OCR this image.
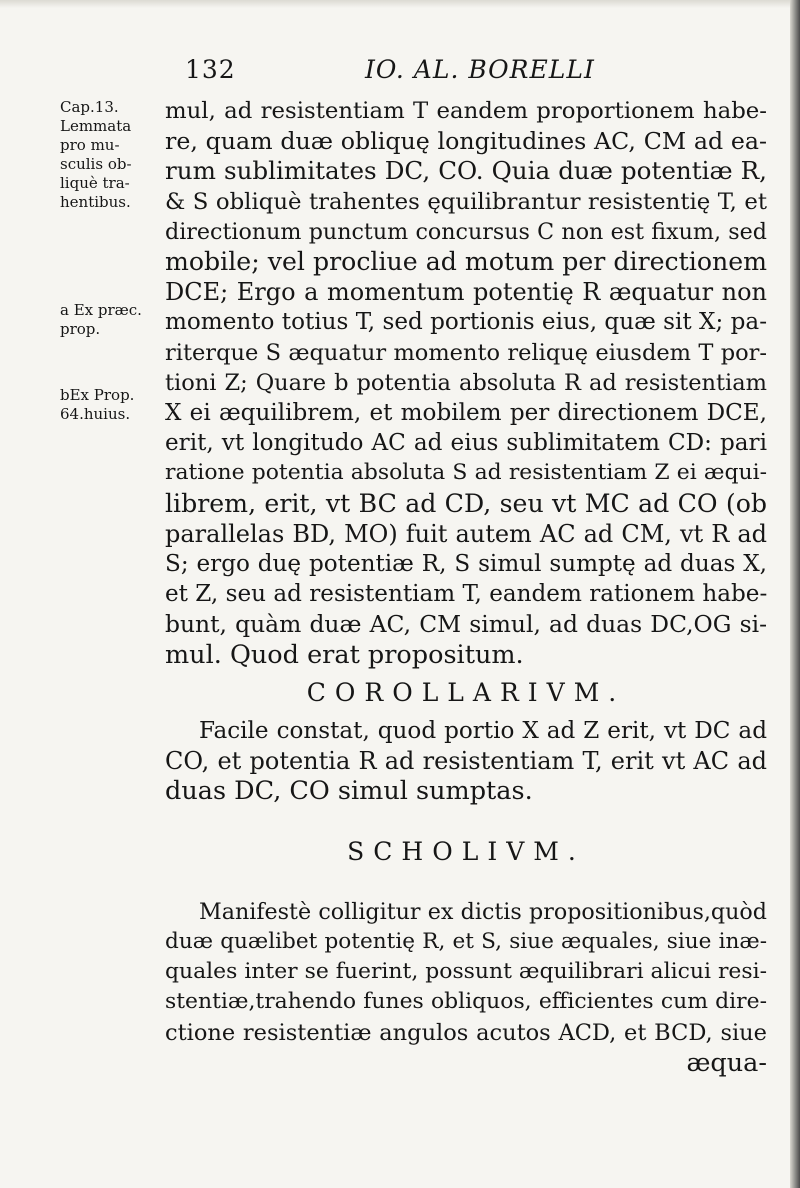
132	IO. AL. BORELLI
Cap.13.
Lemmata
pro mu-
sculis ob-
liquè tra-
hentibus.
a Ex præc.
prop.
bEx Prop.
64.huius.
mul, ad resistentiam T eandem proportionem habe-
re, quam duæ obliquę longitudines AC, CM ad ea-
rum sublimitates DC, CO. Quia duæ potentiæ R,
& S obliquè trahentes ęquilibrantur resistentię T, et
directionum punctum concursus C non est fixum, sed
mobile; vel procliue ad motum per directionem
DCE; Ergo a momentum potentię R æquatur non
momento totius T, sed portionis eius, quæ sit X; pa-
riterque S æquatur momento reliquę eiusdem T por-
tioni Z; Quare b potentia absoluta R ad resistentiam
X ei æquilibrem, et mobilem per directionem DCE,
erit, vt longitudo AC ad eius sublimitatem CD: pari
ratione potentia absoluta S ad resistentiam Z ei æqui-
librem, erit, vt BC ad CD, seu vt MC ad CO (ob
parallelas BD, MO) fuit autem AC ad CM, vt R ad
S; ergo duę potentiæ R, S simul sumptę ad duas X,
et Z, seu ad resistentiam T, eandem rationem habe-
bunt, quàm duæ AC, CM simul, ad duas DC,OG si-
mul. Quod erat propositum.
COROLLARIVM.
Facile constat, quod portio X ad Z erit, vt DC ad
CO, et potentia R ad resistentiam T, erit vt AC ad
duas DC, CO simul sumptas.
SCHOLIVM.
Manifestè colligitur ex dictis propositionibus,quòd
duæ quælibet potentię R, et S, siue æquales, siue inæ-
quales inter se fuerint, possunt æquilibrari alicui resi-
stentiæ,trahendo funes obliquos, efficientes cum dire-
ctione resistentiæ angulos acutos ACD, et BCD, siue
æqua-
